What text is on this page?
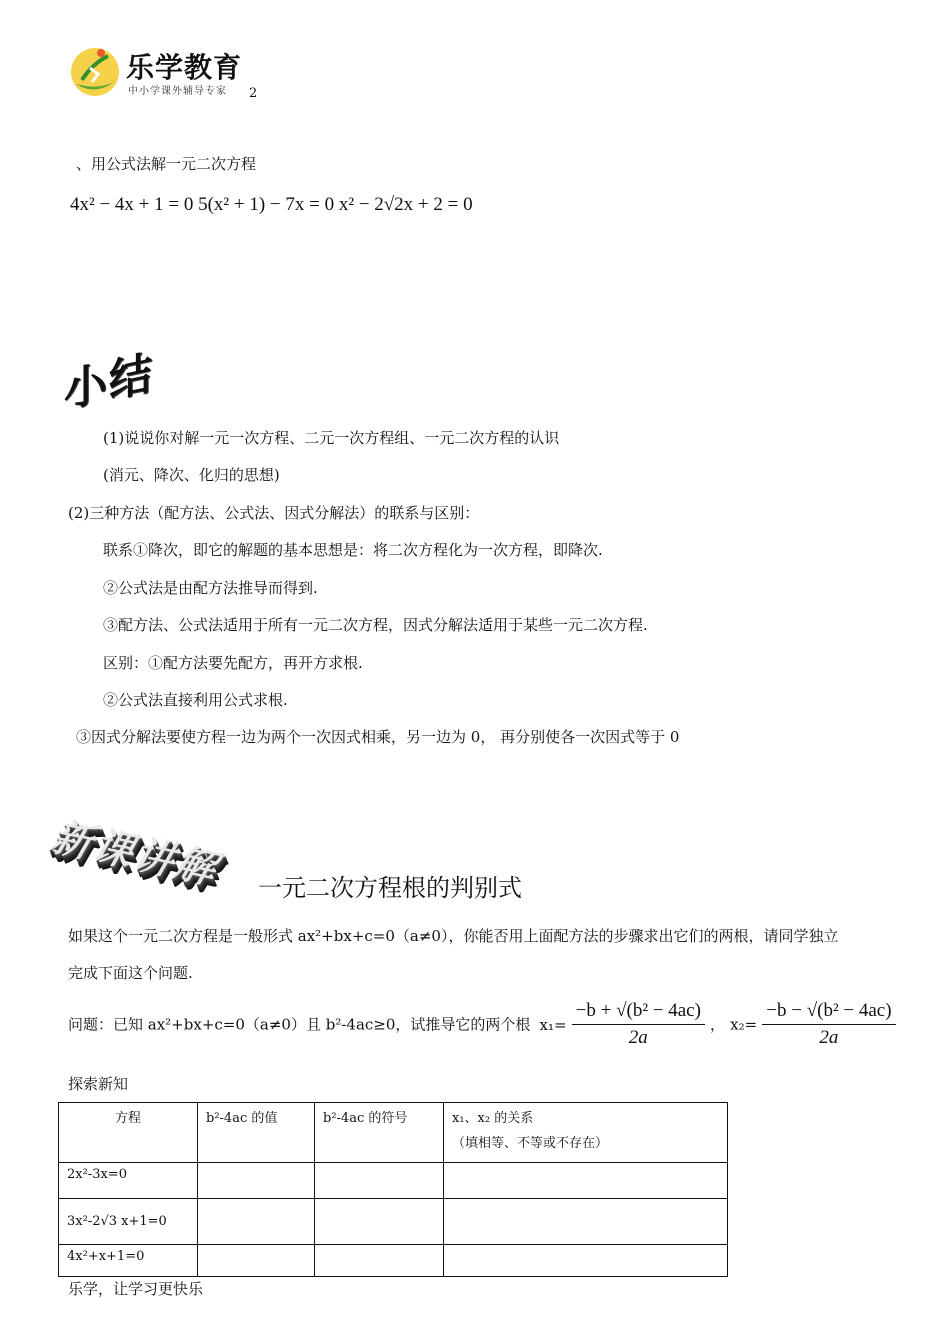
乐学教育
中小学课外辅导专家 2
、用公式法解一元二次方程
4x² − 4x + 1 = 0 5(x² + 1) − 7x = 0 x² − 2√2x + 2 = 0
小结
(1)说说你对解一元一次方程、二元一次方程组、一元二次方程的认识
(消元、降次、化归的思想)
(2)三种方法（配方法、公式法、因式分解法）的联系与区别：
联系①降次，即它的解题的基本思想是：将二次方程化为一次方程，即降次.
②公式法是由配方法推导而得到.
③配方法、公式法适用于所有一元二次方程，因式分解法适用于某些一元二次方程.
区别：①配方法要先配方，再开方求根.
②公式法直接利用公式求根.
③因式分解法要使方程一边为两个一次因式相乘，另一边为 0， 再分别使各一次因式等于 0
新课讲解 一元二次方程根的判别式
如果这个一元二次方程是一般形式 ax²+bx+c=0（a≠0），你能否用上面配方法的步骤求出它们的两根，请同学独立
完成下面这个问题.
问题：已知 ax²+bx+c=0（a≠0）且 b²-4ac≥0，试推导它的两个根 $x_1= \frac{\text{−b + √(b² − 4ac)}}{2a}$ ， $x_2= \frac{\text{−b − √(b² − 4ac)}}{2a}$
探索新知
方程	b²-4ac 的值	b²-4ac 的符号	x₁、x₂ 的关系
（填相等、不等或不存在）

2x²-3x=0			
3x²-2√3 x+1=0			
4x²+x+1=0			
乐学，让学习更快乐
